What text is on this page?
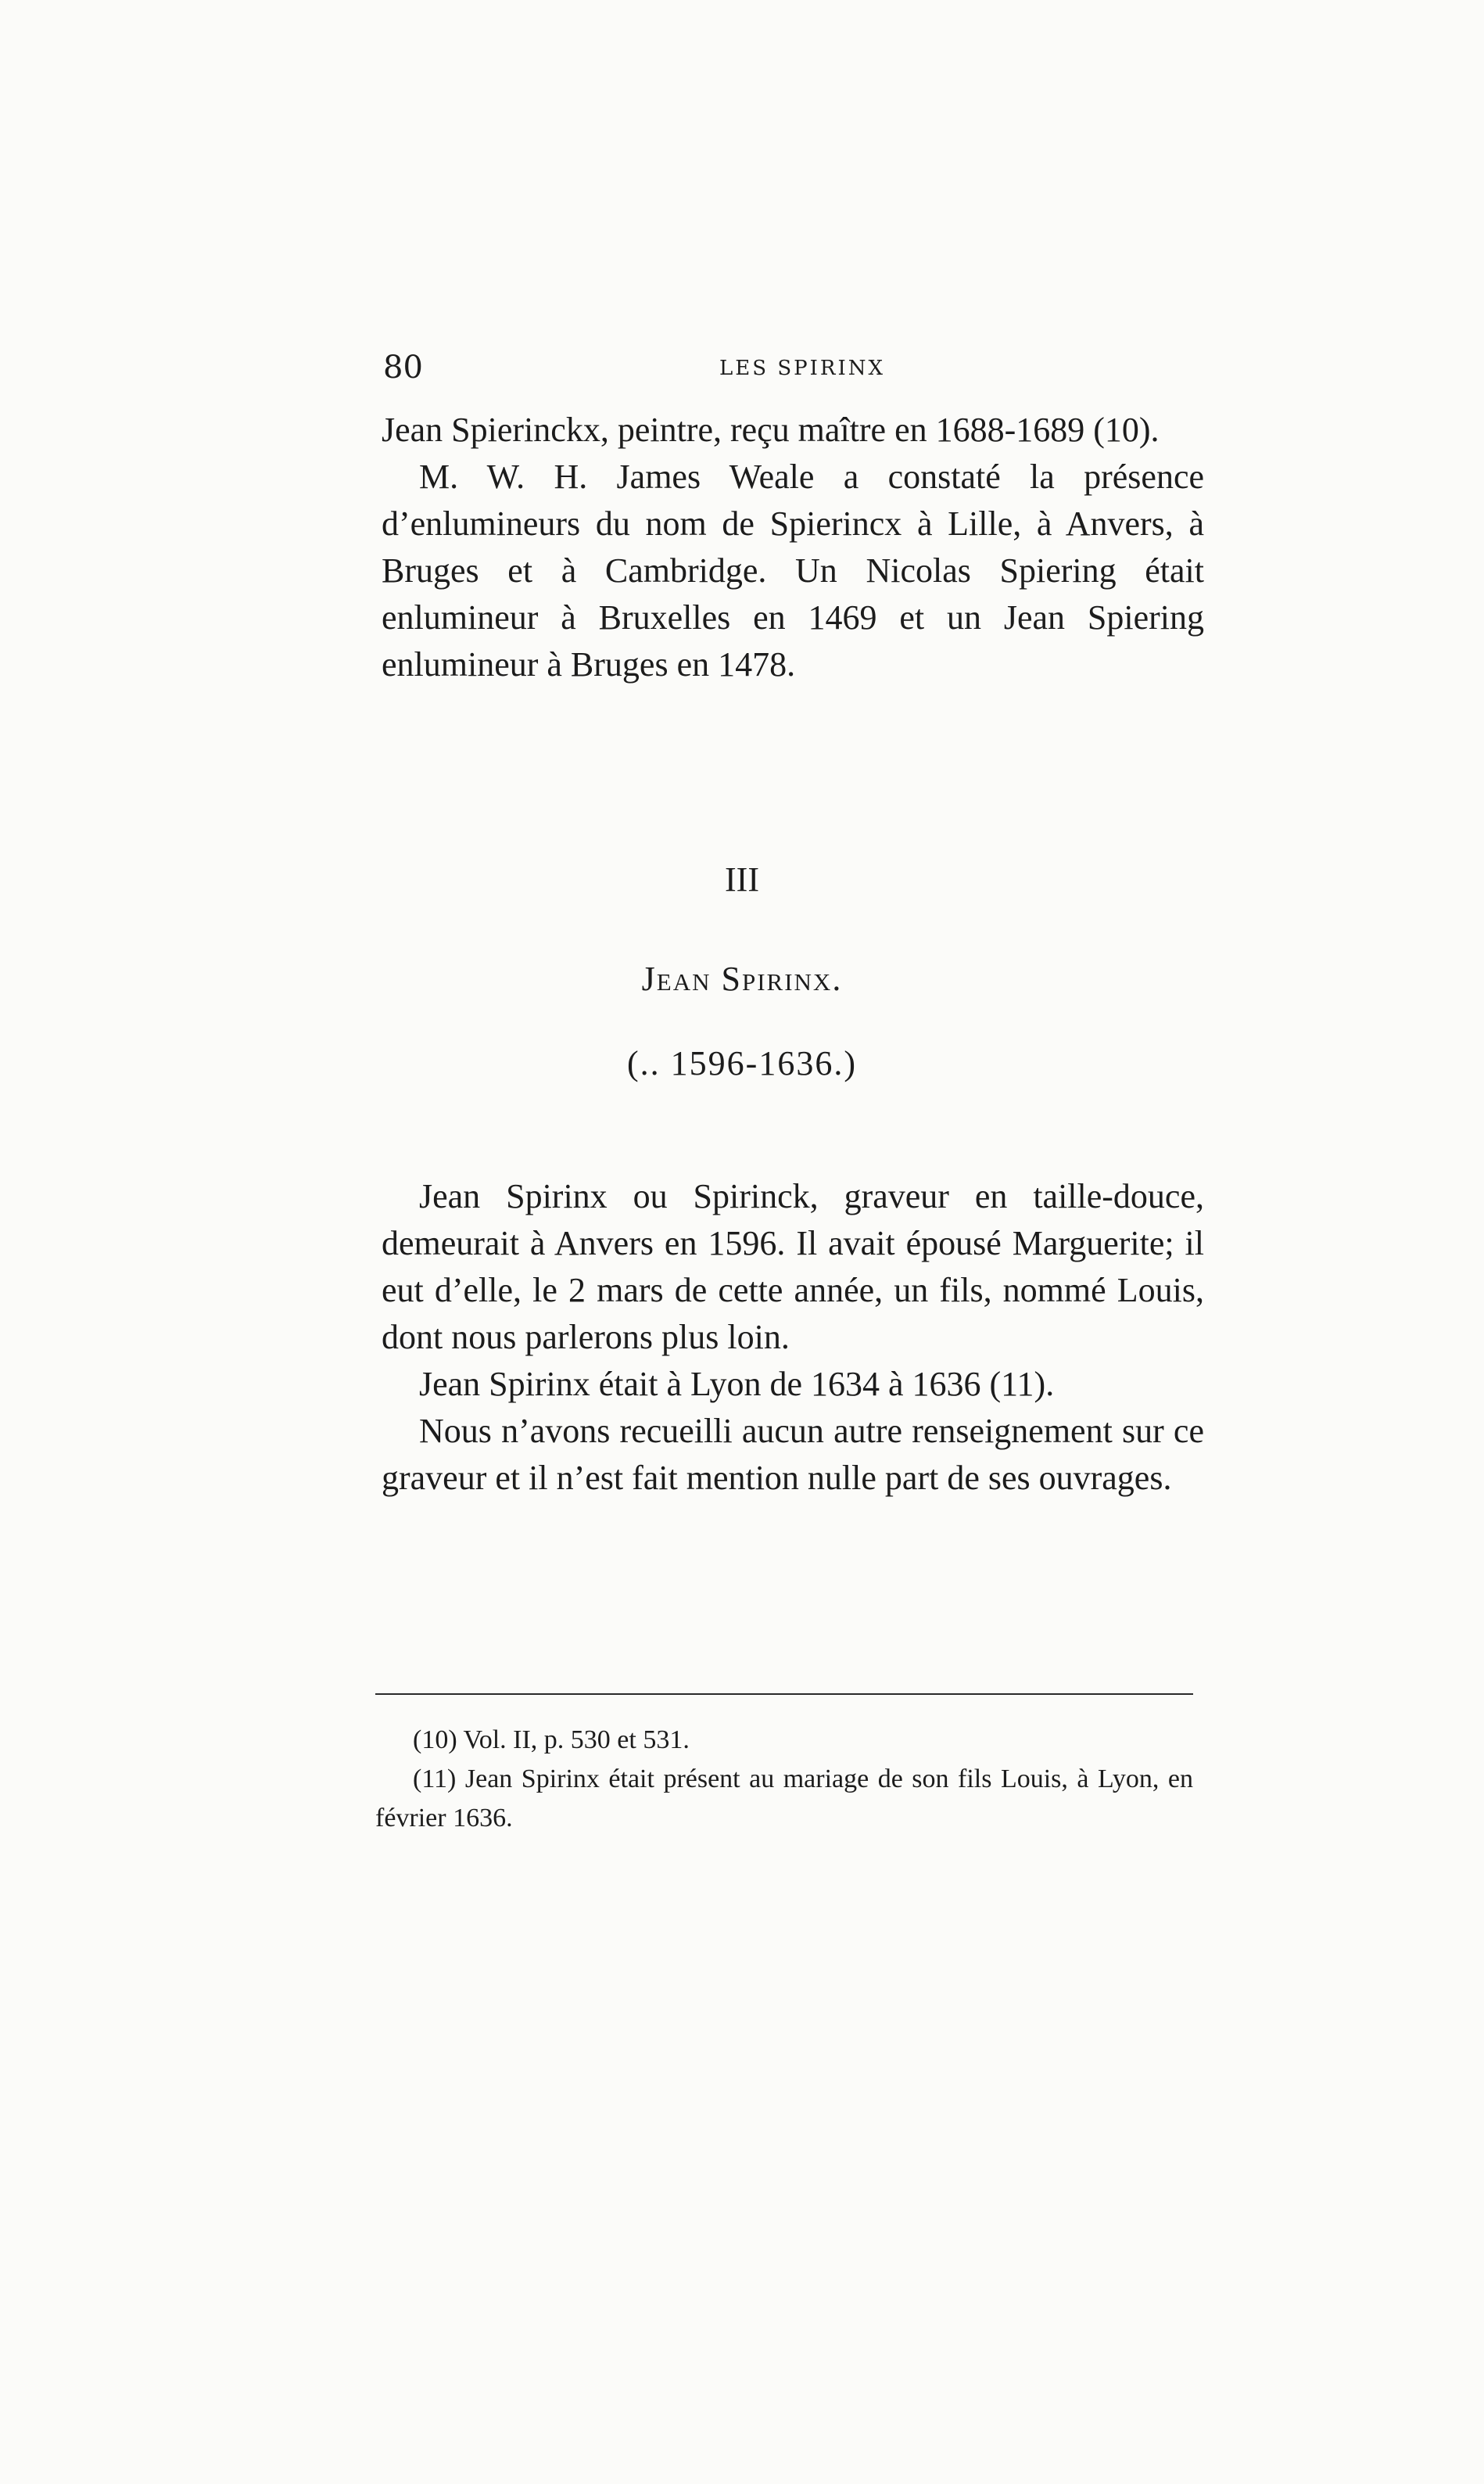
80	LES SPIRINX

Jean Spierinckx, peintre, reçu maître en 1688-1689 (10).

M. W. H. James Weale a constaté la présence d’enlumineurs du nom de Spierincx à Lille, à Anvers, à Bruges et à Cambridge. Un Nicolas Spiering était enlumineur à Bruxelles en 1469 et un Jean Spiering enlumineur à Bruges en 1478.

III
Jean Spirinx.
(.. 1596-1636.)

Jean Spirinx ou Spirinck, graveur en taille-douce, demeurait à Anvers en 1596. Il avait épousé Marguerite; il eut d’elle, le 2 mars de cette année, un fils, nommé Louis, dont nous parlerons plus loin.

Jean Spirinx était à Lyon de 1634 à 1636 (11).

Nous n’avons recueilli aucun autre renseignement sur ce graveur et il n’est fait mention nulle part de ses ouvrages.

(10) Vol. II, p. 530 et 531.

(11) Jean Spirinx était présent au mariage de son fils Louis, à Lyon, en février 1636.
